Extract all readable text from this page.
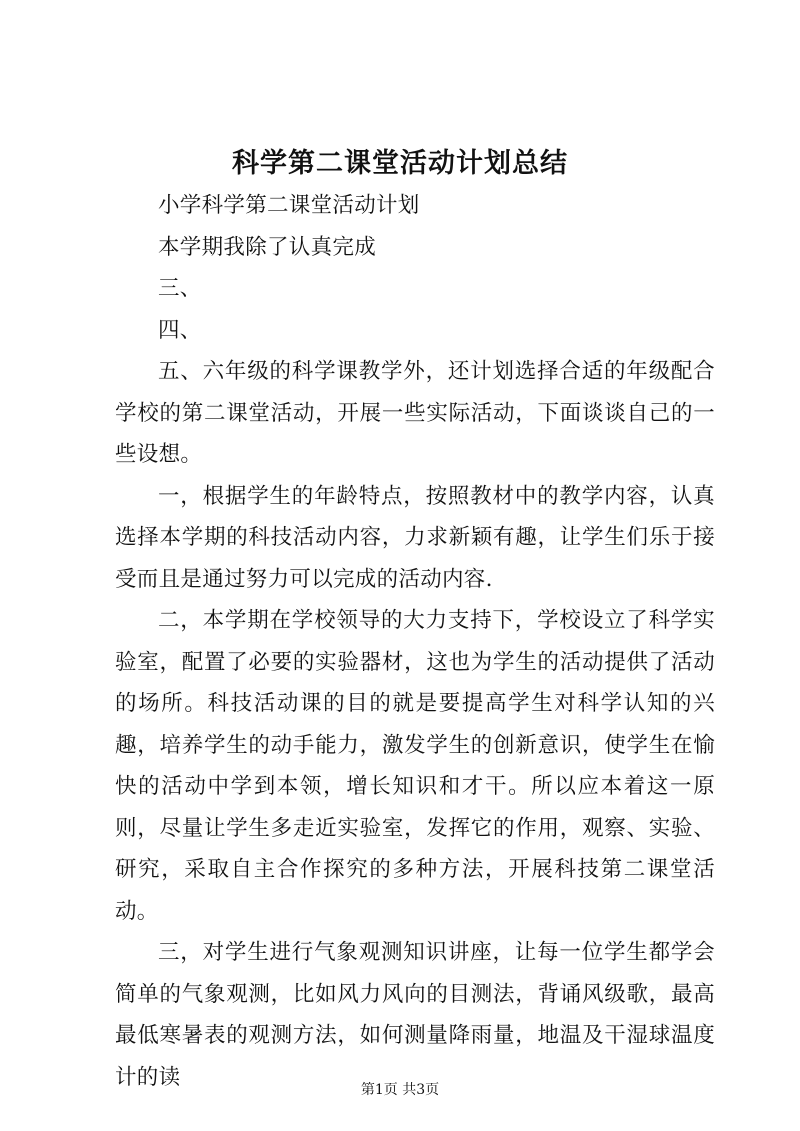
科学第二课堂活动计划总结

小学科学第二课堂活动计划

本学期我除了认真完成

三、

四、

五、六年级的科学课教学外，还计划选择合适的年级配合学校的第二课堂活动，开展一些实际活动，下面谈谈自己的一些设想。

一，根据学生的年龄特点，按照教材中的教学内容，认真选择本学期的科技活动内容，力求新颖有趣，让学生们乐于接受而且是通过努力可以完成的活动内容.

二，本学期在学校领导的大力支持下，学校设立了科学实验室，配置了必要的实验器材，这也为学生的活动提供了活动的场所。科技活动课的目的就是要提高学生对科学认知的兴趣，培养学生的动手能力，激发学生的创新意识，使学生在愉快的活动中学到本领，增长知识和才干。所以应本着这一原则，尽量让学生多走近实验室，发挥它的作用，观察、实验、研究，采取自主合作探究的多种方法，开展科技第二课堂活动。

三，对学生进行气象观测知识讲座，让每一位学生都学会简单的气象观测，比如风力风向的目测法，背诵风级歌，最高最低寒暑表的观测方法，如何测量降雨量，地温及干湿球温度计的读

第1页 共3页
